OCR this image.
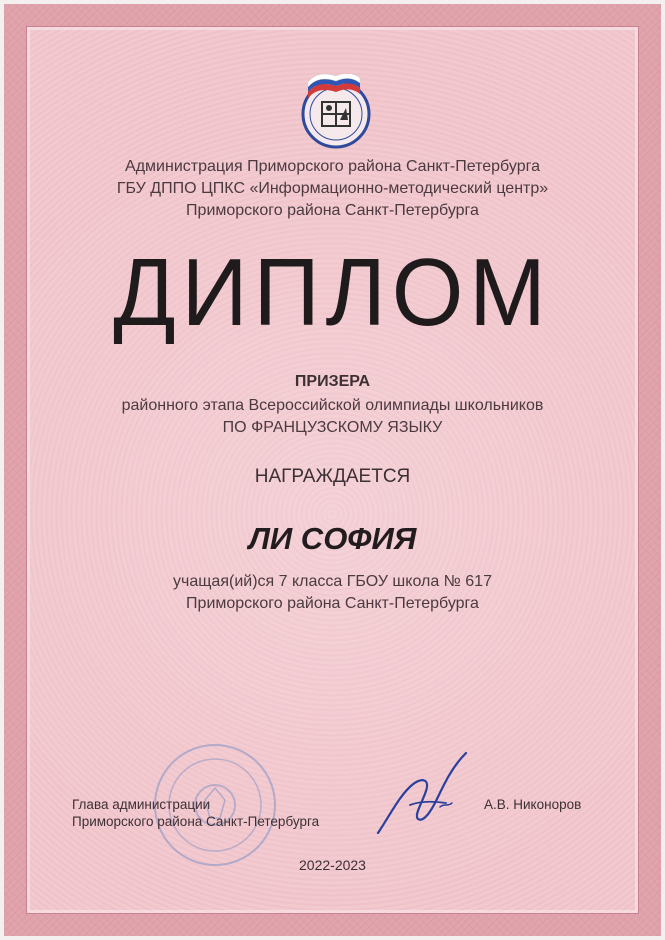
Администрация Приморского района Санкт-Петербурга
ГБУ ДППО ЦПКС «Информационно-методический центр»
Приморского района Санкт-Петербурга
ДИПЛОМ
ПРИЗЕРА
районного этапа Всероссийской олимпиады школьников
ПО ФРАНЦУЗСКОМУ ЯЗЫКУ
НАГРАЖДАЕТСЯ
ЛИ СОФИЯ
учащая(ий)ся 7 класса ГБОУ школа № 617
Приморского района Санкт-Петербурга
Глава администрации
Приморского района Санкт-Петербурга
А.В. Никоноров
2022-2023
